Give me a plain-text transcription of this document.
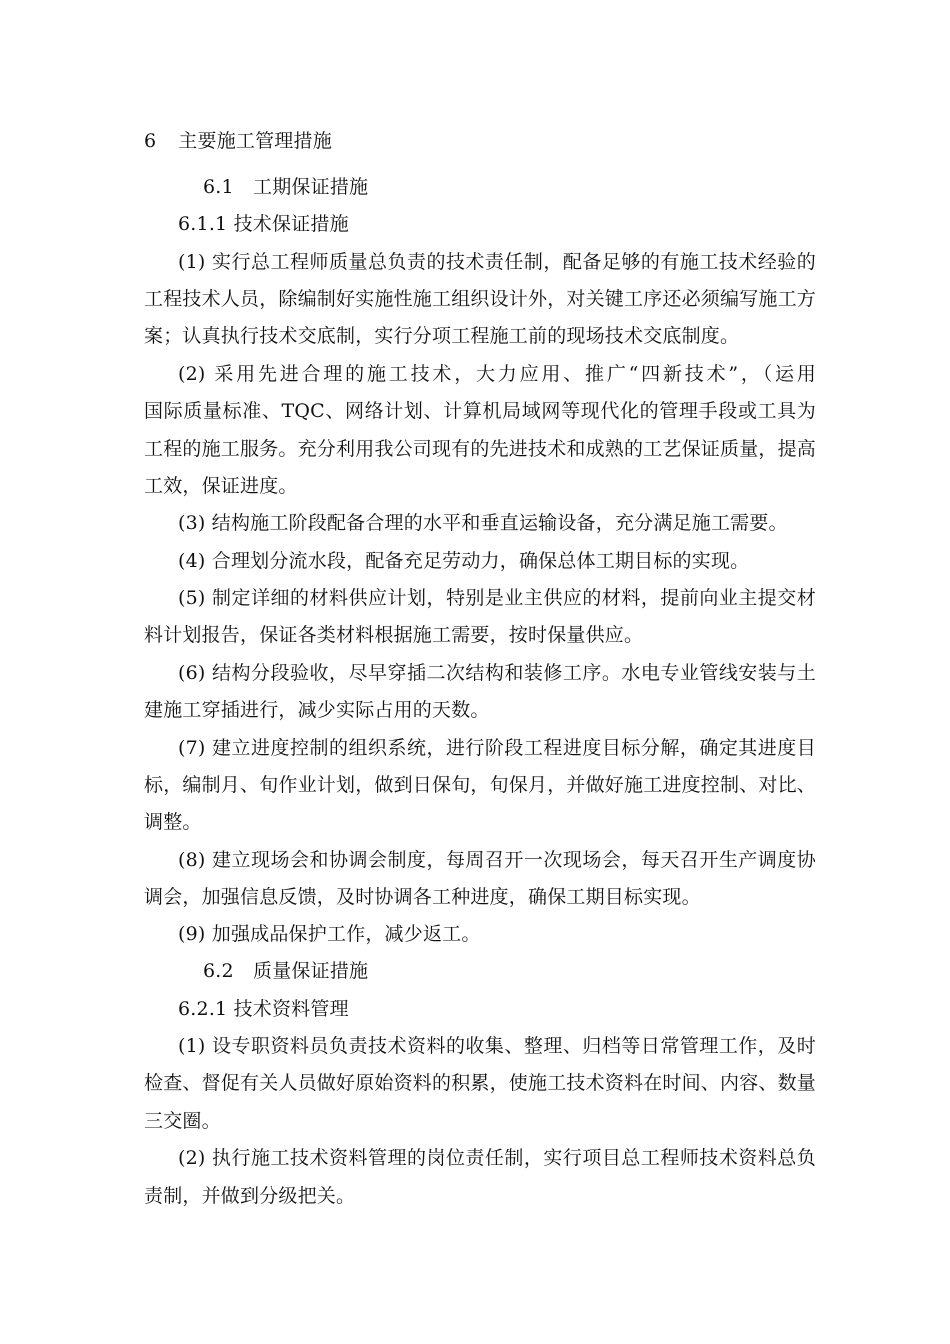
6 主要施工管理措施
6.1　工期保证措施
6.1.1 技术保证措施
(1) 实行总工程师质量总负责的技术责任制，配备足够的有施工技术经验的
工程技术人员，除编制好实施性施工组织设计外，对关键工序还必须编写施工方
案；认真执行技术交底制，实行分项工程施工前的现场技术交底制度。
(2) 采用先进合理的施工技术，大力应用、推广“四新技术”，（运用
国际质量标准、TQC、网络计划、计算机局域网等现代化的管理手段或工具为
工程的施工服务。充分利用我公司现有的先进技术和成熟的工艺保证质量，提高
工效，保证进度。
(3) 结构施工阶段配备合理的水平和垂直运输设备，充分满足施工需要。
(4) 合理划分流水段，配备充足劳动力，确保总体工期目标的实现。
(5) 制定详细的材料供应计划，特别是业主供应的材料，提前向业主提交材
料计划报告，保证各类材料根据施工需要，按时保量供应。
(6) 结构分段验收，尽早穿插二次结构和装修工序。水电专业管线安装与土
建施工穿插进行，减少实际占用的天数。
(7) 建立进度控制的组织系统，进行阶段工程进度目标分解，确定其进度目
标，编制月、旬作业计划，做到日保旬，旬保月，并做好施工进度控制、对比、
调整。
(8) 建立现场会和协调会制度，每周召开一次现场会，每天召开生产调度协
调会，加强信息反馈，及时协调各工种进度，确保工期目标实现。
(9) 加强成品保护工作，减少返工。
6.2　质量保证措施
6.2.1 技术资料管理
(1) 设专职资料员负责技术资料的收集、整理、归档等日常管理工作，及时
检查、督促有关人员做好原始资料的积累，使施工技术资料在时间、内容、数量
三交圈。
(2) 执行施工技术资料管理的岗位责任制，实行项目总工程师技术资料总负
责制，并做到分级把关。
